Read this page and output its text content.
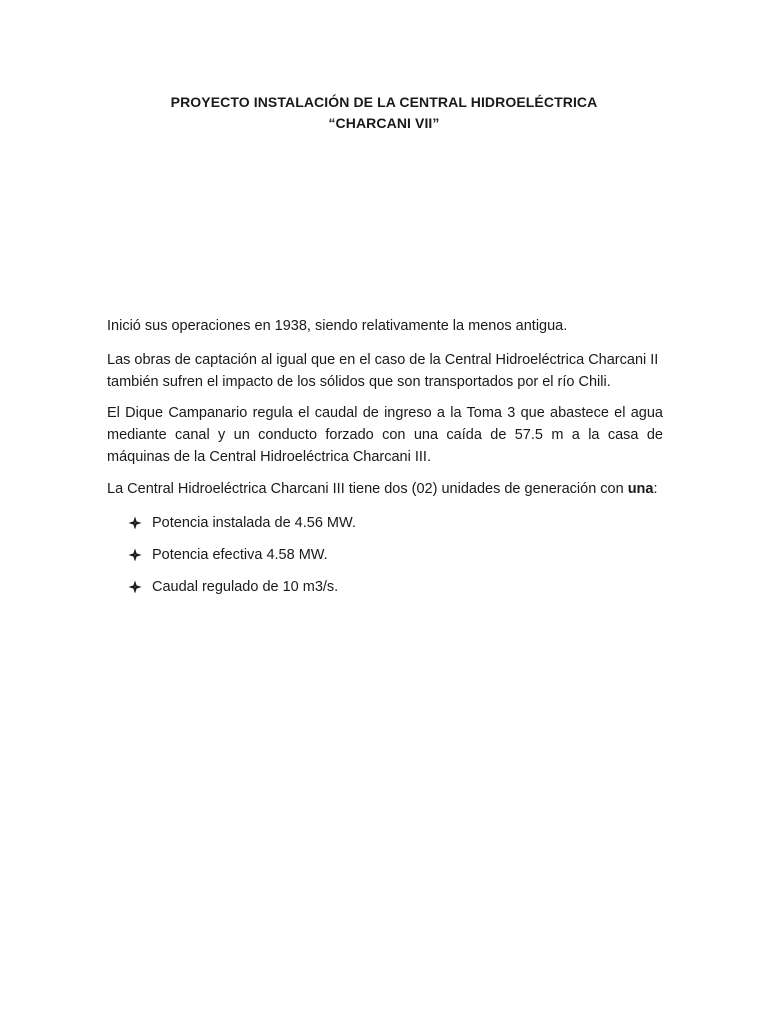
PROYECTO INSTALACIÓN DE LA CENTRAL HIDROELÉCTRICA
“CHARCANI VII”
Inició sus operaciones en 1938, siendo relativamente la menos antigua.
Las obras de captación al igual que en el caso de la Central Hidroeléctrica Charcani II también sufren el impacto de los sólidos que son transportados por el río Chili.
El Dique Campanario regula el caudal de ingreso a la Toma 3 que abastece el agua mediante canal y un conducto forzado con una caída de 57.5 m a la casa de máquinas de la Central Hidroeléctrica Charcani III.
La Central Hidroeléctrica Charcani III tiene dos (02) unidades de generación con una:
Potencia instalada de 4.56 MW.
Potencia efectiva 4.58 MW.
Caudal regulado de 10 m3/s.
